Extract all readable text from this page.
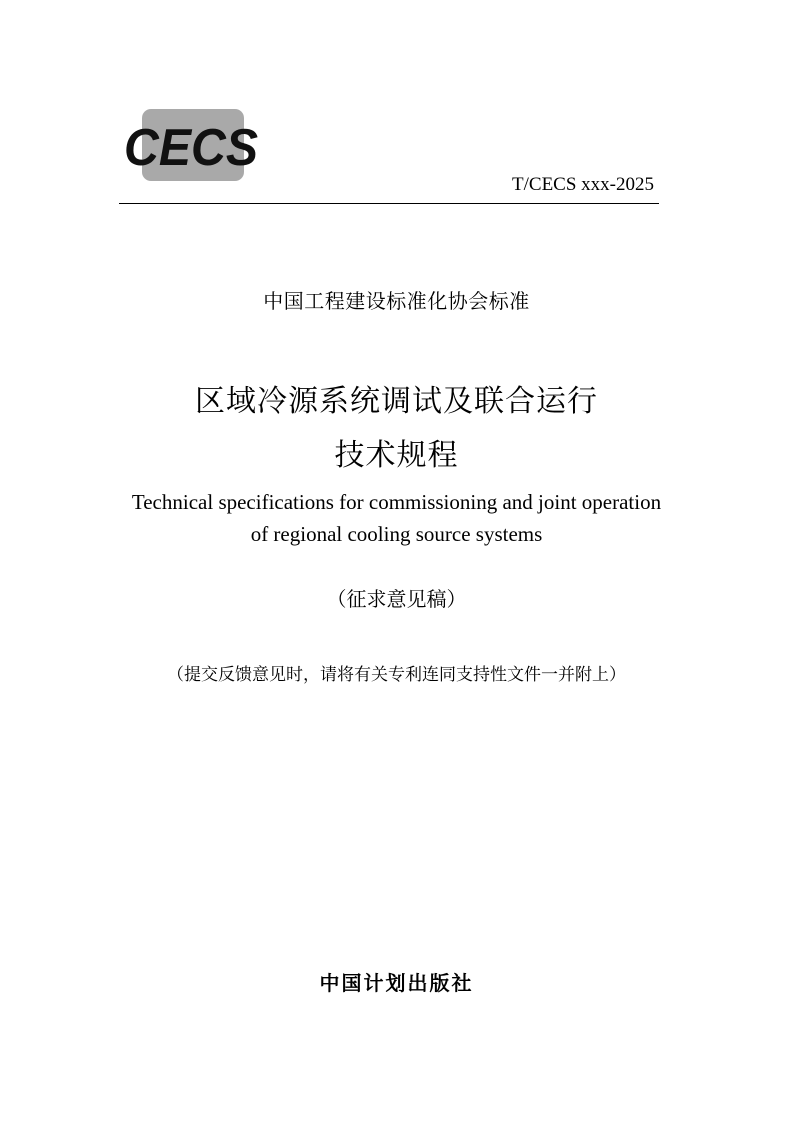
CECS
T/CECS xxx-2025
中国工程建设标准化协会标准
区域冷源系统调试及联合运行
技术规程
Technical specifications for commissioning and joint operation
of regional cooling source systems
（征求意见稿）
（提交反馈意见时，请将有关专利连同支持性文件一并附上）
中国计划出版社
